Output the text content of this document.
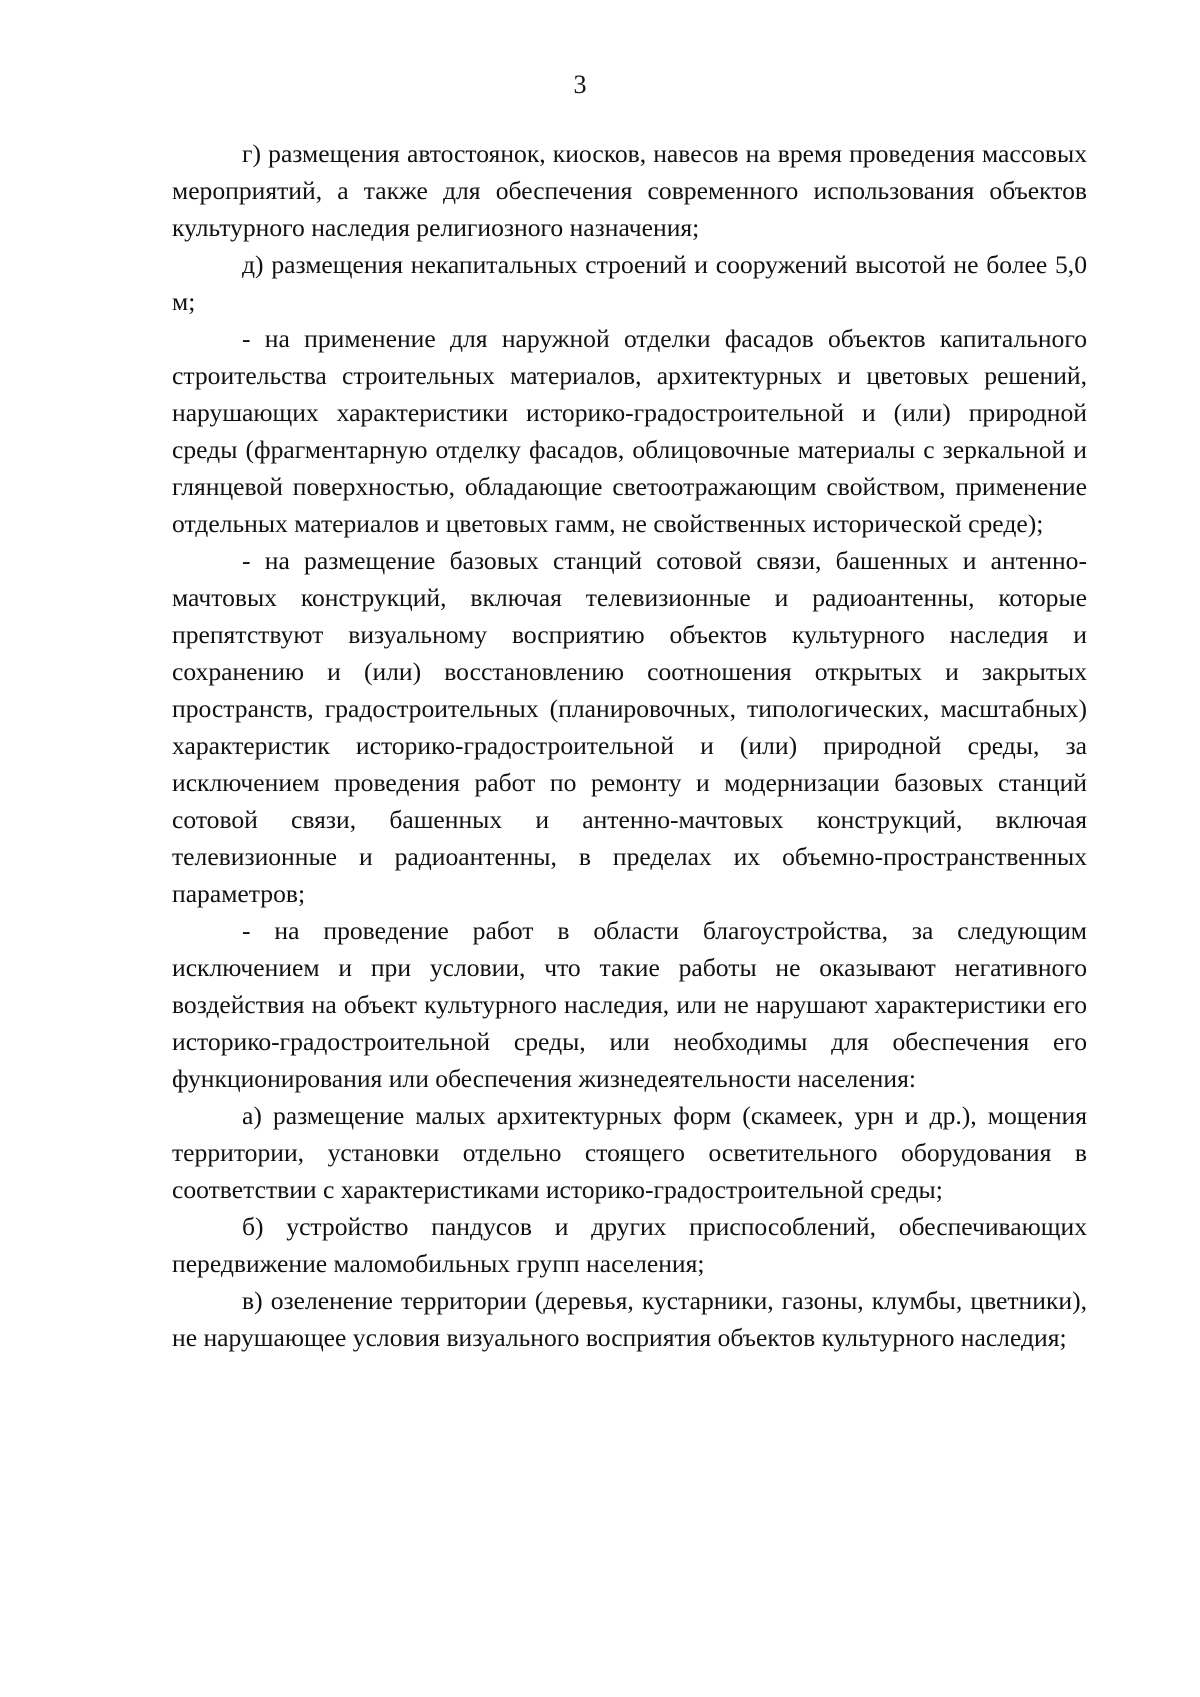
3

г) размещения автостоянок, киосков, навесов на время проведения массовых мероприятий, а также для обеспечения современного использования объектов культурного наследия религиозного назначения;

д) размещения некапитальных строений и сооружений высотой не более 5,0 м;

- на применение для наружной отделки фасадов объектов капитального строительства строительных материалов, архитектурных и цветовых решений, нарушающих характеристики историко-градостроительной и (или) природной среды (фрагментарную отделку фасадов, облицовочные материалы с зеркальной и глянцевой поверхностью, обладающие светоотражающим свойством, применение отдельных материалов и цветовых гамм, не свойственных исторической среде);

- на размещение базовых станций сотовой связи, башенных и антенно-мачтовых конструкций, включая телевизионные и радиоантенны, которые препятствуют визуальному восприятию объектов культурного наследия и сохранению и (или) восстановлению соотношения открытых и закрытых пространств, градостроительных (планировочных, типологических, масштабных) характеристик историко-градостроительной и (или) природной среды, за исключением проведения работ по ремонту и модернизации базовых станций сотовой связи, башенных и антенно-мачтовых конструкций, включая телевизионные и радиоантенны, в пределах их объемно-пространственных параметров;

- на проведение работ в области благоустройства, за следующим исключением и при условии, что такие работы не оказывают негативного воздействия на объект культурного наследия, или не нарушают характеристики его историко-градостроительной среды, или необходимы для обеспечения его функционирования или обеспечения жизнедеятельности населения:

а) размещение малых архитектурных форм (скамеек, урн и др.), мощения территории, установки отдельно стоящего осветительного оборудования в соответствии с характеристиками историко-градостроительной среды;

б) устройство пандусов и других приспособлений, обеспечивающих передвижение маломобильных групп населения;

в) озеленение территории (деревья, кустарники, газоны, клумбы, цветники), не нарушающее условия визуального восприятия объектов культурного наследия;
